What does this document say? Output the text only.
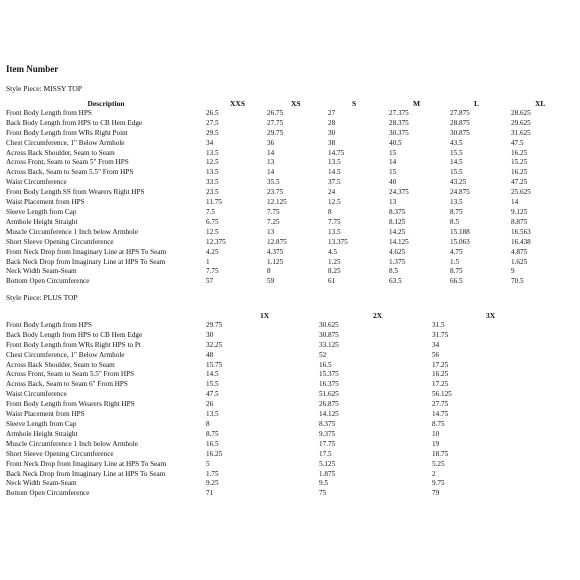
Item Number
Style Piece: MISSY TOP
Description	XXS	XS	S	M	L	XL
Front Body Length from HPS	26.5	26.75	27	27.375	27.875	28.625
Back Body Length from HPS to CB Hem Edge	27.5	27.75	28	28.375	28.875	29.625
Front Body Length from WRs Right Point	29.5	29.75	30	30.375	30.875	31.625
Chest Circumference, 1" Below Armhole	34	36	38	40.5	43.5	47.5
Across Back Shoulder, Seam to Seam	13.5	14	14.75	15	15.5	16.25
Across Front, Seam to Seam 5" From HPS	12.5	13	13.5	14	14.5	15.25
Across Back, Seam to Seam 5.5" From HPS	13.5	14	14.5	15	15.5	16.25
Waist Circumference	33.5	35.5	37.5	40	43.25	47.25
Front Body Length SS from Wearers Right HPS	23.5	23.75	24	24.375	24.875	25.625
Waist Placement from HPS	11.75	12.125	12.5	13	13.5	14
Sleeve Length from Cap	7.5	7.75	8	8.375	8.75	9.125
Armhole Height Straight	6.75	7.25	7.75	8.125	8.5	8.875
Muscle Circumference 1 Inch below Armhole	12.5	13	13.5	14.25	15.188	16.563
Short Sleeve Opening Circumference	12.375	12.875	13.375	14.125	15.063	16.438
Front Neck Drop from Imaginary Line at HPS To Seam	4.25	4.375	4.5	4.625	4.75	4.875
Back Neck Drop from Imaginary Line at HPS To Seam	1	1.125	1.25	1.375	1.5	1.625
Neck Width Seam-Seam	7.75	8	8.25	8.5	8.75	9
Bottom Open Circumference	57	59	61	63.5	66.5	70.5
Style Piece: PLUS TOP
	1X	2X	3X
Front Body Length from HPS	29.75	30.625	31.5
Back Body Length from HPS to CB Hem Edge	30	30.875	31.75
Front Body Length from WRs Right HPS to Pt	32.25	33.125	34
Chest Circumference, 1" Below Armhole	48	52	56
Across Back Shoulder, Seam to Seam	15.75	16.5	17.25
Across Front, Seam to Seam 5.5" From HPS	14.5	15.375	16.25
Across Back, Seam to Seam 6" From HPS	15.5	16.375	17.25
Waist Circumference	47.5	51.625	56.125
Front Body Length from Wearers Right HPS	26	26.875	27.75
Waist Placement from HPS	13.5	14.125	14.75
Sleeve Length from Cap	8	8.375	8.75
Armhole Height Straight	8.75	9.375	10
Muscle Circumference 1 Inch below Armhole	16.5	17.75	19
Short Sleeve Opening Circumference	16.25	17.5	18.75
Front Neck Drop from Imaginary Line at HPS To Seam	5	5.125	5.25
Back Neck Drop from Imaginary Line at HPS To Seam	1.75	1.875	2
Neck Width Seam-Seam	9.25	9.5	9.75
Bottom Open Circumference	71	75	79
